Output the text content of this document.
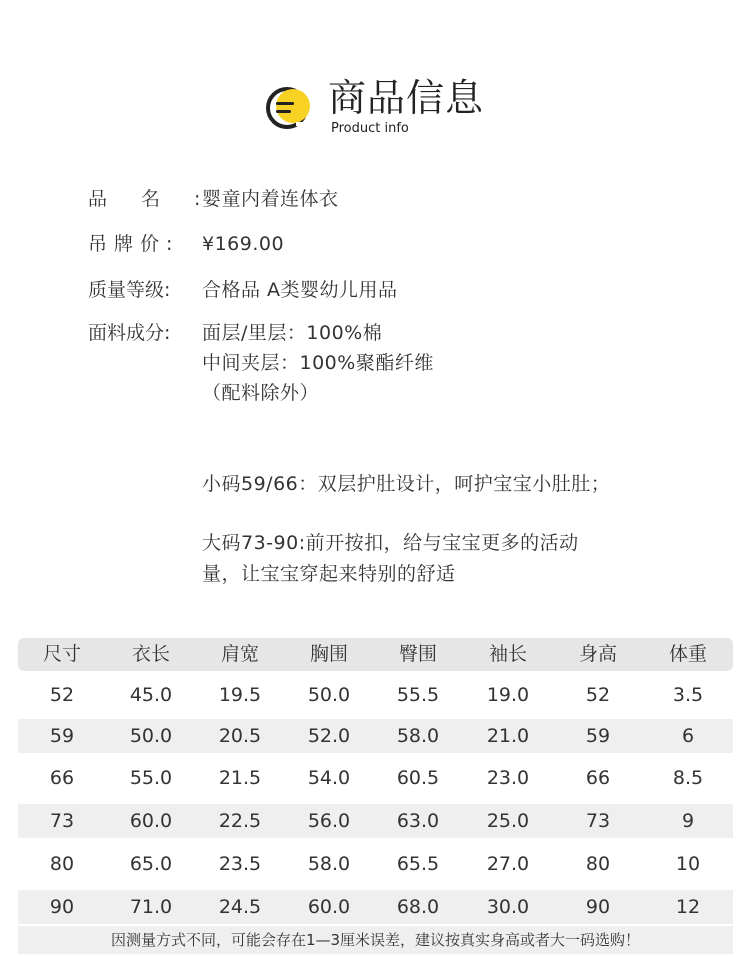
商品信息
Product info
品名:
婴童内着连体衣
吊牌价: ¥169.00
质量等级: 合格品 A类婴幼儿用品
面料成分: 面层/里层：100%棉
中间夹层：100%聚酯纤维
（配料除外）
小码59/66：双层护肚设计，呵护宝宝小肚肚；
大码73-90:前开按扣，给与宝宝更多的活动
量，让宝宝穿起来特别的舒适
尺寸	衣长	肩宽	胸围	臀围	袖长	身高	体重
52	45.0	19.5	50.0	55.5	19.0	52	3.5
59	50.0	20.5	52.0	58.0	21.0	59	6
66	55.0	21.5	54.0	60.5	23.0	66	8.5
73	60.0	22.5	56.0	63.0	25.0	73	9
80	65.0	23.5	58.0	65.5	27.0	80	10
90	71.0	24.5	60.0	68.0	30.0	90	12
因测量方式不同，可能会存在1—3厘米误差，建议按真实身高或者大一码选购！
